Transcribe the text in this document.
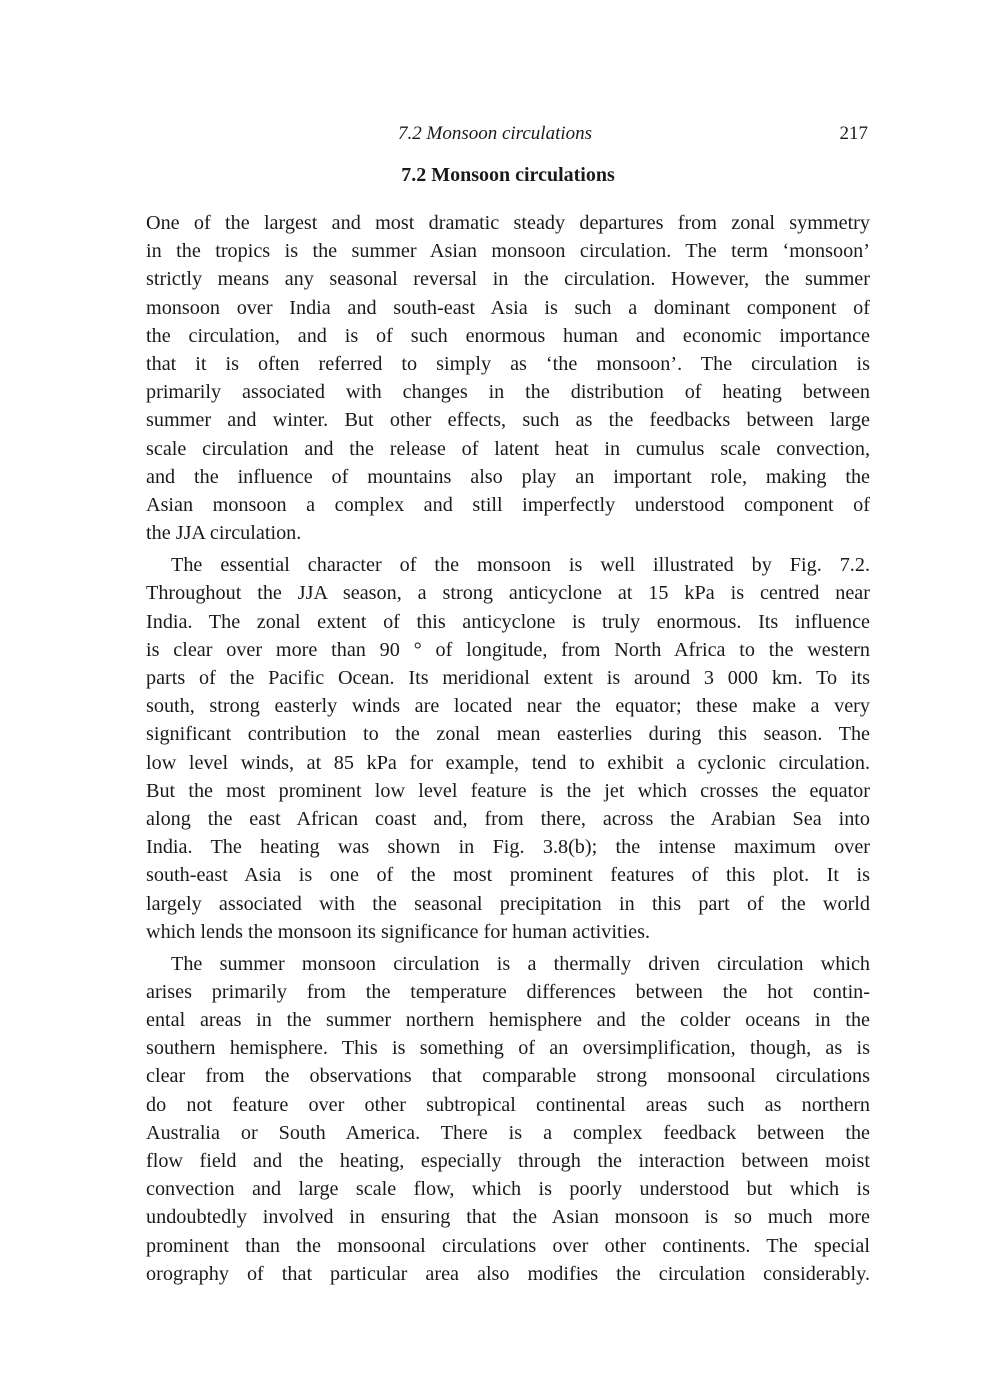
7.2 Monsoon circulations	217
7.2 Monsoon circulations

One of the largest and most dramatic steady departures from zonal symmetry
in the tropics is the summer Asian monsoon circulation. The term ‘monsoon’
strictly means any seasonal reversal in the circulation. However, the summer
monsoon over India and south-east Asia is such a dominant component of
the circulation, and is of such enormous human and economic importance
that it is often referred to simply as ‘the monsoon’. The circulation is
primarily associated with changes in the distribution of heating between
summer and winter. But other effects, such as the feedbacks between large
scale circulation and the release of latent heat in cumulus scale convection,
and the influence of mountains also play an important role, making the
Asian monsoon a complex and still imperfectly understood component of
the JJA circulation.

The essential character of the monsoon is well illustrated by Fig. 7.2.
Throughout the JJA season, a strong anticyclone at 15 kPa is centred near
India. The zonal extent of this anticyclone is truly enormous. Its influence
is clear over more than 90 ° of longitude, from North Africa to the western
parts of the Pacific Ocean. Its meridional extent is around 3 000 km. To its
south, strong easterly winds are located near the equator; these make a very
significant contribution to the zonal mean easterlies during this season. The
low level winds, at 85 kPa for example, tend to exhibit a cyclonic circulation.
But the most prominent low level feature is the jet which crosses the equator
along the east African coast and, from there, across the Arabian Sea into
India. The heating was shown in Fig. 3.8(b); the intense maximum over
south-east Asia is one of the most prominent features of this plot. It is
largely associated with the seasonal precipitation in this part of the world
which lends the monsoon its significance for human activities.

The summer monsoon circulation is a thermally driven circulation which
arises primarily from the temperature differences between the hot contin-
ental areas in the summer northern hemisphere and the colder oceans in the
southern hemisphere. This is something of an oversimplification, though, as is
clear from the observations that comparable strong monsoonal circulations
do not feature over other subtropical continental areas such as northern
Australia or South America. There is a complex feedback between the
flow field and the heating, especially through the interaction between moist
convection and large scale flow, which is poorly understood but which is
undoubtedly involved in ensuring that the Asian monsoon is so much more
prominent than the monsoonal circulations over other continents. The special
orography of that particular area also modifies the circulation considerably.
